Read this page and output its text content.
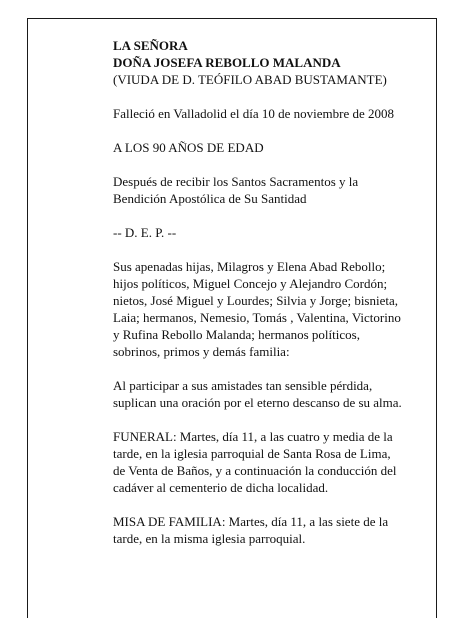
LA SEÑORA
DOÑA JOSEFA REBOLLO MALANDA
(VIUDA DE D. TEÓFILO ABAD BUSTAMANTE)
Falleció en Valladolid el día 10 de noviembre de 2008
A LOS 90 AÑOS DE EDAD
Después de recibir los Santos Sacramentos y la
Bendición Apostólica de Su Santidad
-- D. E. P. --
Sus apenadas hijas, Milagros y Elena Abad Rebollo;
hijos políticos, Miguel Concejo y Alejandro Cordón;
nietos, José Miguel y Lourdes; Silvia y Jorge; bisnieta,
Laia; hermanos, Nemesio, Tomás , Valentina, Victorino
y Rufina Rebollo Malanda; hermanos políticos,
sobrinos, primos y demás familia:
Al participar a sus amistades tan sensible pérdida,
suplican una oración por el eterno descanso de su alma.
FUNERAL: Martes, día 11, a las cuatro y media de la
tarde, en la iglesia parroquial de Santa Rosa de Lima,
de Venta de Baños, y a continuación la conducción del
cadáver al cementerio de dicha localidad.
MISA DE FAMILIA: Martes, día 11, a las siete de la
tarde, en la misma iglesia parroquial.
